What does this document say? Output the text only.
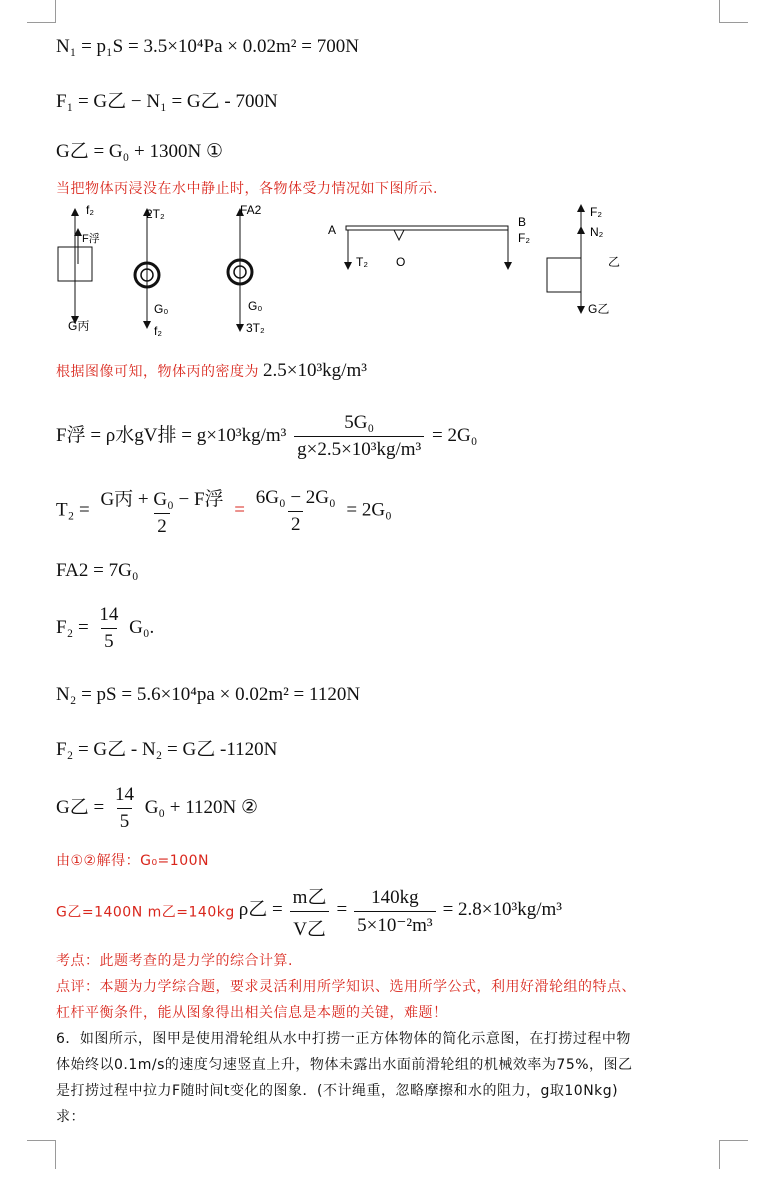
N₁ = p₁S = 3.5×10⁴Pa × 0.02m² = 700N
F₁ = G乙 − N₁ = G乙 - 700N
G乙 = G₀ + 1300N ①
当把物体丙浸没在水中静止时，各物体受力情况如下图所示.
f₂
F浮
G丙
2T₂
G₀
f₂
FA2
G₀
3T₂
A
B
F₂
T₂ O
F₂
N₂
乙
G乙
根据图像可知，物体丙的密度为 2.5×10³kg/m³
F浮 = ρ水gV排 = $g\times 10^3kg/m^3 \frac{\text{5G₀}}{\text{g×2.5×10³kg/m³}} = 2G_0$
$T_2 = \frac{\text{G丙 + G₀ − F浮}}{2} = \frac{\text{6G₀ − 2G₀}}{2} = 2G_0$
FA2 = 7G₀
$F_2 = \frac{14}{5} G_0$.
N₂ = pS = 5.6×10⁴pa × 0.02m² = 1120N
F₂ = G乙 - N₂ = G乙 -1120N
G乙 = $\frac{14}{5} G_0 + 1120N$ ②
由①②解得：G₀=100N
G乙=1400N m乙=140kg ρ乙 = $\frac{\text{m乙}}{\text{V乙}} = \frac{140kg}{\text{5×10⁻²m³}} = 2.8\times 10^3kg/m^3$
考点：此题考查的是力学的综合计算.
点评：本题为力学综合题，要求灵活利用所学知识、选用所学公式，利用好滑轮组的特点、
杠杆平衡条件，能从图象得出相关信息是本题的关键，难题！
6．如图所示，图甲是使用滑轮组从水中打捞一正方体物体的简化示意图，在打捞过程中物
体始终以0.1m/s的速度匀速竖直上升，物体未露出水面前滑轮组的机械效率为75%，图乙
是打捞过程中拉力F随时间t变化的图象．(不计绳重，忽略摩擦和水的阻力，g取10Nkg)
求：
